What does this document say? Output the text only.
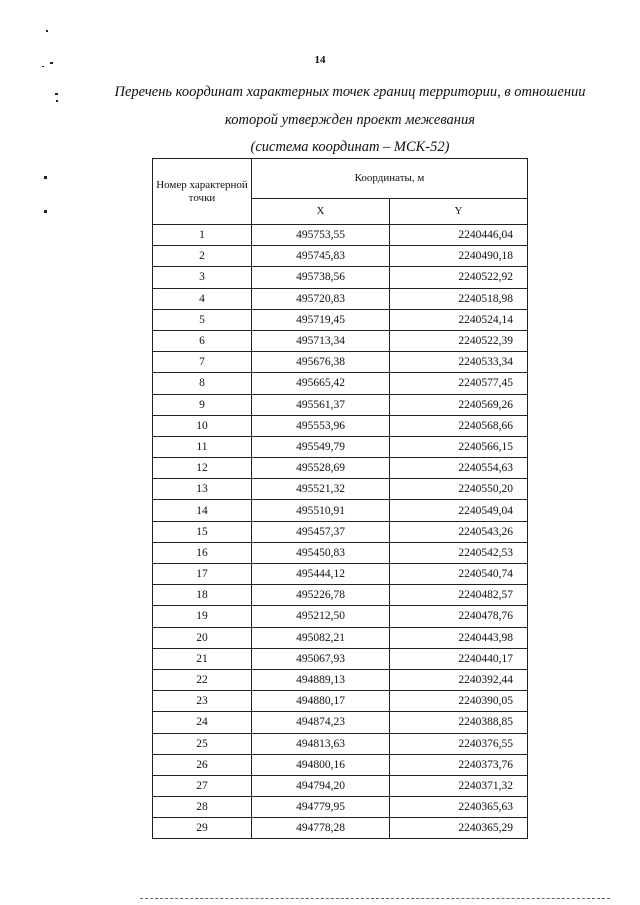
14
Перечень координат характерных точек границ территории, в отношении
которой утвержден проект межевания
(система координат – МСК-52)
Номер характерной точки	Координаты, м	
	X	Y
1	495753,55	2240446,04
2	495745,83	2240490,18
3	495738,56	2240522,92
4	495720,83	2240518,98
5	495719,45	2240524,14
6	495713,34	2240522,39
7	495676,38	2240533,34
8	495665,42	2240577,45
9	495561,37	2240569,26
10	495553,96	2240568,66
11	495549,79	2240566,15
12	495528,69	2240554,63
13	495521,32	2240550,20
14	495510,91	2240549,04
15	495457,37	2240543,26
16	495450,83	2240542,53
17	495444,12	2240540,74
18	495226,78	2240482,57
19	495212,50	2240478,76
20	495082,21	2240443,98
21	495067,93	2240440,17
22	494889,13	2240392,44
23	494880,17	2240390,05
24	494874,23	2240388,85
25	494813,63	2240376,55
26	494800,16	2240373,76
27	494794,20	2240371,32
28	494779,95	2240365,63
29	494778,28	2240365,29
